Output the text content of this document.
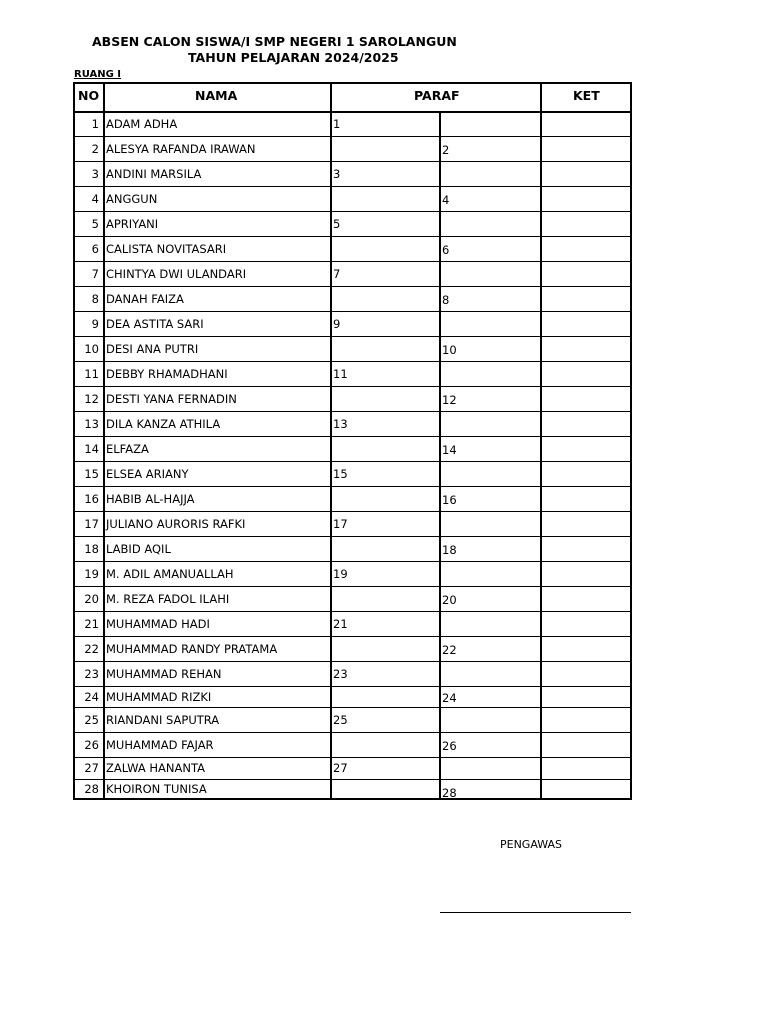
ABSEN CALON SISWA/I SMP NEGERI 1 SAROLANGUN
TAHUN PELAJARAN 2024/2025
RUANG I
NO	NAMA	PARAF	KET
1 ADAM ADHA	1
2 ALESYA RAFANDA IRAWAN	2
3 ANDINI MARSILA	3
4 ANGGUN	4
5 APRIYANI	5
6 CALISTA NOVITASARI	6
7 CHINTYA DWI ULANDARI	7
8 DANAH FAIZA	8
9 DEA ASTITA SARI	9
10 DESI ANA PUTRI	10
11 DEBBY RHAMADHANI	11
12 DESTI YANA FERNADIN	12
13 DILA KANZA ATHILA	13
14 ELFAZA	14
15 ELSEA ARIANY	15
16 HABIB AL-HAJJA	16
17 JULIANO AURORIS RAFKI	17
18 LABID AQIL	18
19 M. ADIL AMANUALLAH	19
20 M. REZA FADOL ILAHI	20
21 MUHAMMAD HADI	21
22 MUHAMMAD RANDY PRATAMA	22
23 MUHAMMAD REHAN	23
24 MUHAMMAD RIZKI	24
25 RIANDANI SAPUTRA	25
26 MUHAMMAD FAJAR	26
27 ZALWA HANANTA	27
28 KHOIRON TUNISA	28
PENGAWAS
